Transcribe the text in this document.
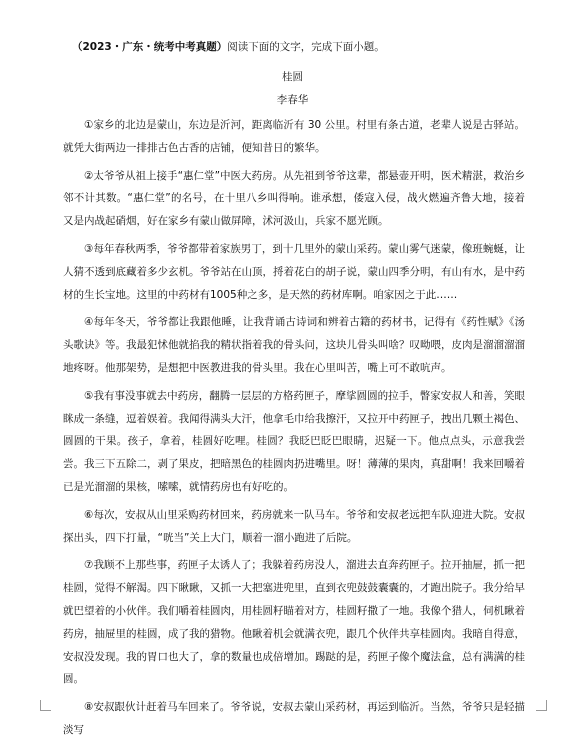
（2023・广东・统考中考真题）阅读下面的文字，完成下面小题。
桂圆
李春华

①家乡的北边是蒙山，东边是沂河，距离临沂有 30 公里。村里有条古道，老辈人说是古驿站。就凭大街两边一排排古色古香的店铺，便知昔日的繁华。

②太爷爷从祖上接手“惠仁堂”中医大药房。从先祖到爷爷这辈，都悬壶开明，医术精湛，救治乡邻不计其数。“惠仁堂”的名号，在十里八乡叫得响。谁承想，倭寇入侵，战火燃遍齐鲁大地，接着又是内战起硝烟，好在家乡有蒙山做屏障，沭河汲山，兵家不愿光顾。

③每年春秋两季，爷爷都带着家族男丁，到十几里外的蒙山采药。蒙山雾气迷蒙，像班蜿蜒，让人猜不透到底藏着多少玄机。爷爷站在山顶，捋着花白的胡子说，蒙山四季分明，有山有水，是中药材的生长宝地。这里的中药材有1005种之多，是天然的药材库啊。咱家因之于此……

④每年冬天，爷爷都让我跟他睡，让我背诵古诗词和辨着古籍的药材书，记得有《药性赋》《汤头歌诀》等。我最犯怵他就掐我的精状指着我的骨头问，这块儿骨头叫啥？叹呦喂，皮肉是溜溜溜溜地疼呀。他那架势，是想把中医教进我的骨头里。我在心里叫苦，嘴上可不敢吭声。

⑤我有事没事就去中药房，翻腾一层层的方格药匣子，摩挲圆圆的拉手，瞥家安叔人和善，笑眼眯成一条缝，逗着娱着。我闻得满头大汗，他拿毛巾给我擦汗，又拉开中药匣子，拽出几颗土褐色、圆圆的干果。孩子，拿着，桂圆好吃哩。桂圆？我眨巴眨巴眼睛，迟疑一下。他点点头，示意我尝尝。我三下五除二，剥了果皮，把暗黑色的桂圆肉扔进嘴里。呀！薄薄的果肉，真甜啊！我来回嚼着已是光溜溜的果核，嗦嗦，就情药房也有好吃的。

⑥每次，安叔从山里采购药材回来，药房就来一队马车。爷爷和安叔老远把车队迎进大院。安叔探出头，四下打量，“咣当”关上大门，顺着一溜小跑进了后院。

⑦我顾不上那些事，药匣子太诱人了；我躲着药房没人，溜进去直奔药匣子。拉开抽屉，抓一把桂圆，觉得不解渴。四下瞅瞅，又抓一大把塞进兜里，直到衣兜鼓鼓囊囊的，才跑出院子。我分给早就巴望着的小伙伴。我们嚼着桂圆肉，用桂圆籽瞄着对方，桂圆籽撒了一地。我像个猎人，伺机瞅着药房，抽屉里的桂圆，成了我的猎物。他瞅着机会就满衣兜，跟几个伙伴共享桂圆肉。我暗自得意，安叔没发现。我的胃口也大了，拿的数量也成倍增加。踢跶的是，药匣子像个魔法盒，总有满满的桂圆。

⑧安叔跟伙计赶着马车回来了。爷爷说，安叔去蒙山采药材，再运到临沂。当然，爷爷只是轻描淡写
